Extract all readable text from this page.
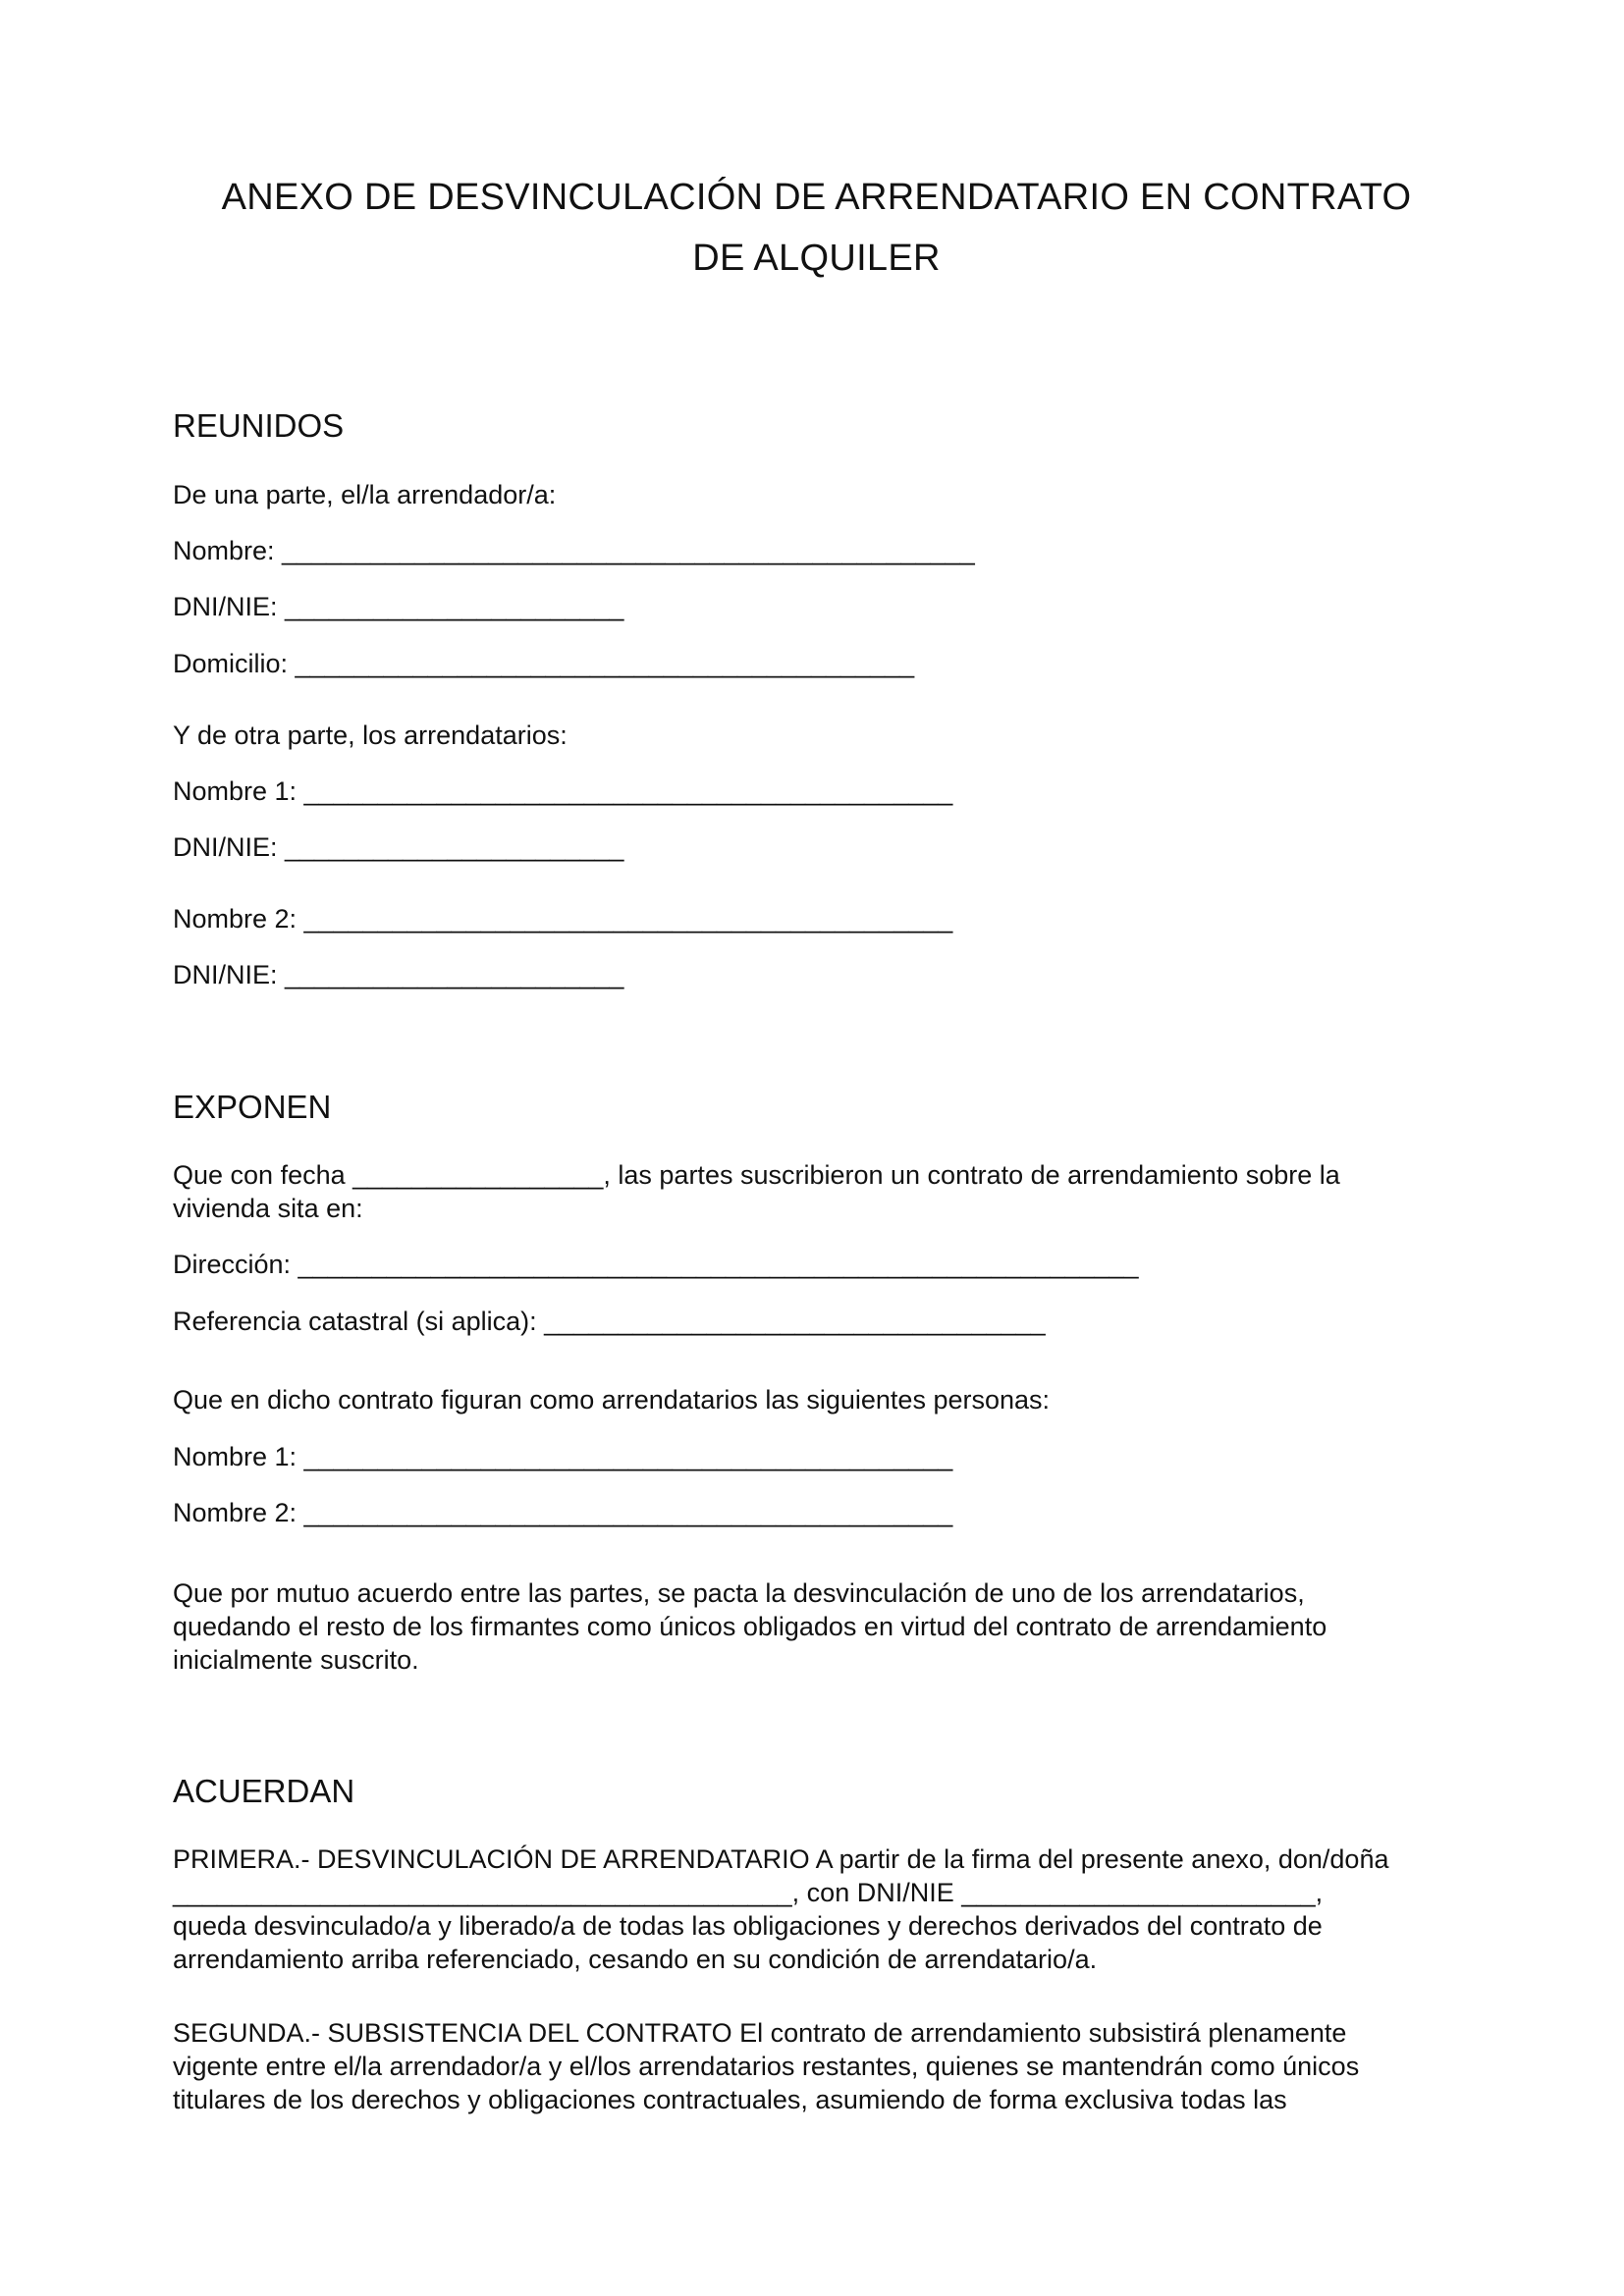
ANEXO DE DESVINCULACIÓN DE ARRENDATARIO EN CONTRATO
DE ALQUILER
REUNIDOS
De una parte, el/la arrendador/a:
Nombre: _______________________________________________
DNI/NIE: _______________________
Domicilio: __________________________________________
Y de otra parte, los arrendatarios:
Nombre 1: ____________________________________________
DNI/NIE: _______________________
Nombre 2: ____________________________________________
DNI/NIE: _______________________
EXPONEN
Que con fecha _________________, las partes suscribieron un contrato de arrendamiento sobre la
vivienda sita en:
Dirección: _________________________________________________________
Referencia catastral (si aplica): __________________________________
Que en dicho contrato figuran como arrendatarios las siguientes personas:
Nombre 1: ____________________________________________
Nombre 2: ____________________________________________
Que por mutuo acuerdo entre las partes, se pacta la desvinculación de uno de los arrendatarios,
quedando el resto de los firmantes como únicos obligados en virtud del contrato de arrendamiento
inicialmente suscrito.
ACUERDAN
PRIMERA.- DESVINCULACIÓN DE ARRENDATARIO A partir de la firma del presente anexo, don/doña
__________________________________________, con DNI/NIE ________________________,
queda desvinculado/a y liberado/a de todas las obligaciones y derechos derivados del contrato de
arrendamiento arriba referenciado, cesando en su condición de arrendatario/a.
SEGUNDA.- SUBSISTENCIA DEL CONTRATO El contrato de arrendamiento subsistirá plenamente
vigente entre el/la arrendador/a y el/los arrendatarios restantes, quienes se mantendrán como únicos
titulares de los derechos y obligaciones contractuales, asumiendo de forma exclusiva todas las
